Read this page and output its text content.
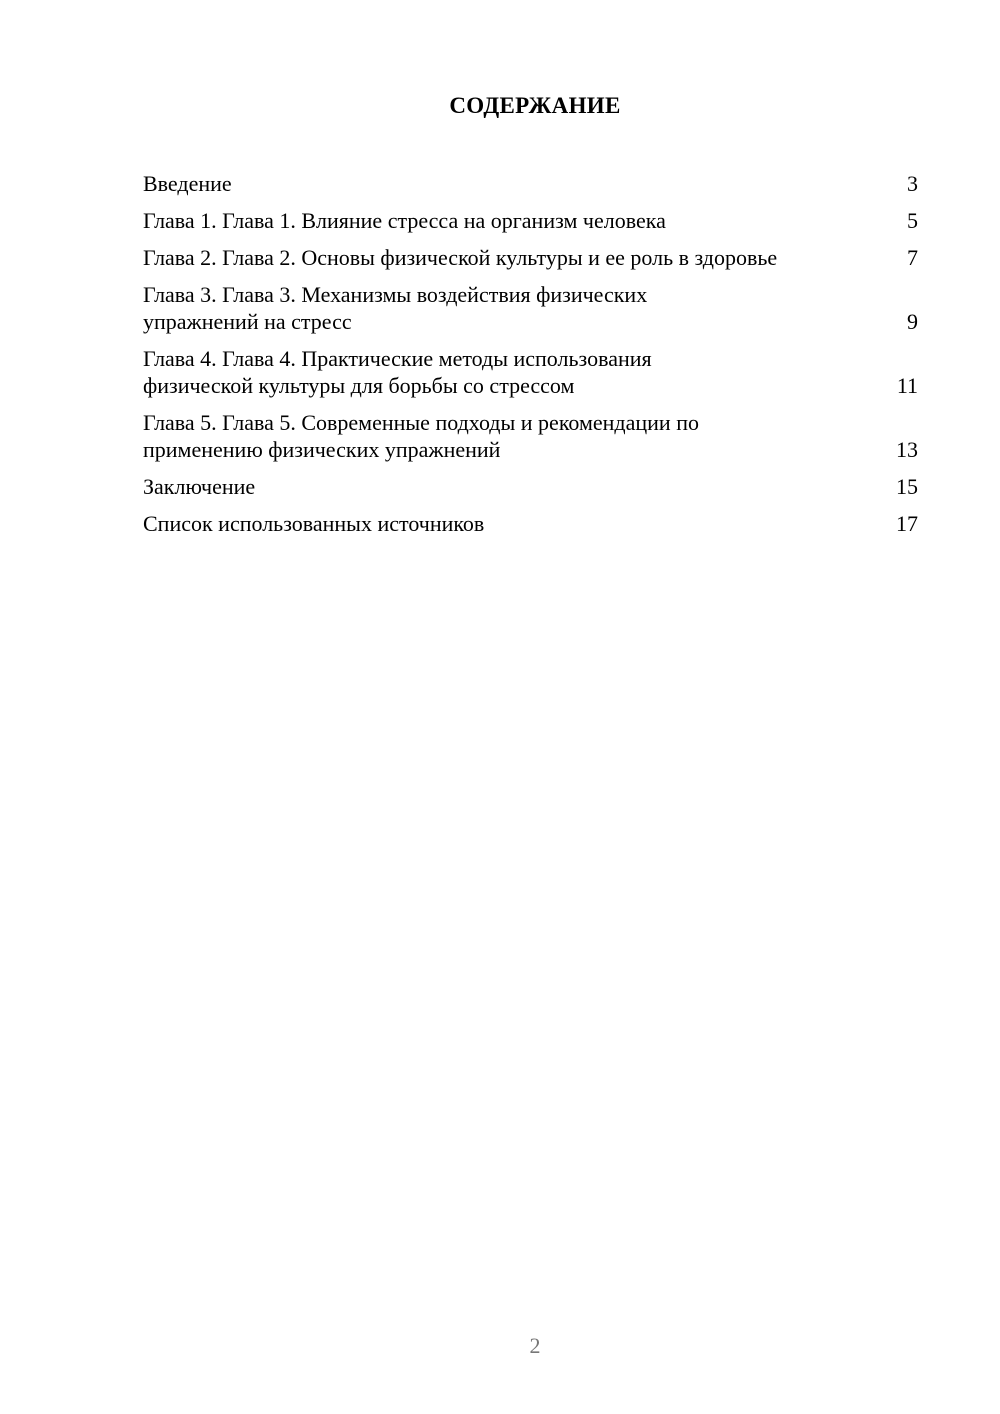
СОДЕРЖАНИЕ
Введение	3
Глава 1. Глава 1. Влияние стресса на организм человека	5
Глава 2. Глава 2. Основы физической культуры и ее роль в здоровье	7
Глава 3. Глава 3. Механизмы воздействия физических упражнений на стресс	9
Глава 4. Глава 4. Практические методы использования физической культуры для борьбы со стрессом	11
Глава 5. Глава 5. Современные подходы и рекомендации по применению физических упражнений	13
Заключение	15
Список использованных источников	17
2
